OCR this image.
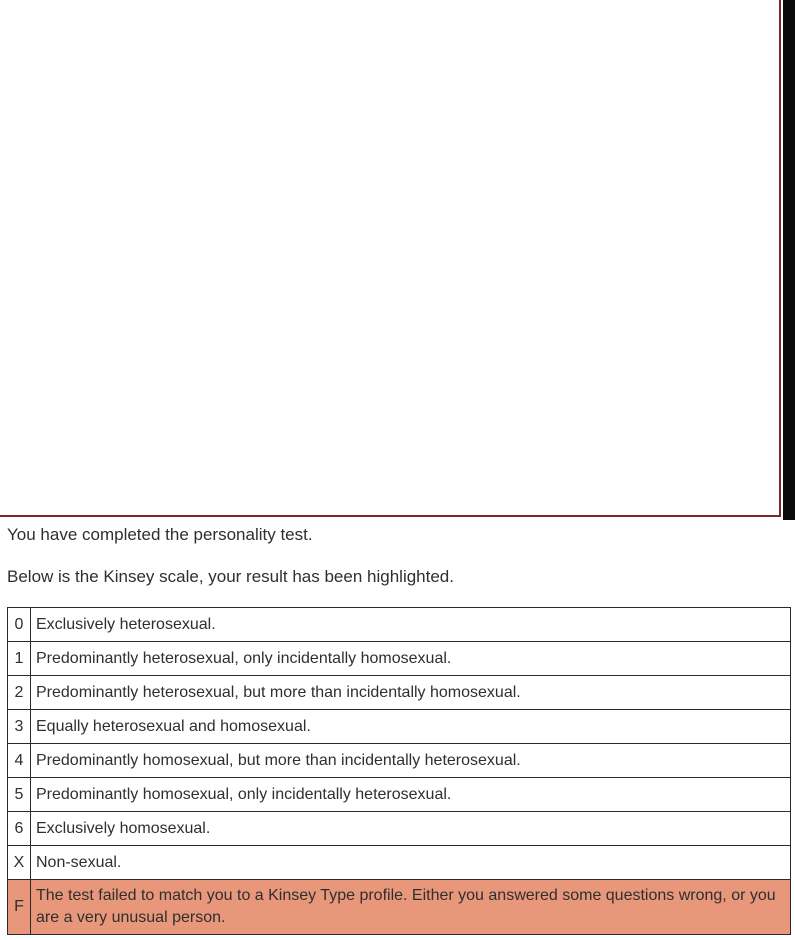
You have completed the personality test.
Below is the Kinsey scale, your result has been highlighted.
0	Exclusively heterosexual.
1	Predominantly heterosexual, only incidentally homosexual.
2	Predominantly heterosexual, but more than incidentally homosexual.
3	Equally heterosexual and homosexual.
4	Predominantly homosexual, but more than incidentally heterosexual.
5	Predominantly homosexual, only incidentally heterosexual.
6	Exclusively homosexual.
X	Non-sexual.
F	The test failed to match you to a Kinsey Type profile. Either you answered some questions wrong, or you are a very unusual person.
